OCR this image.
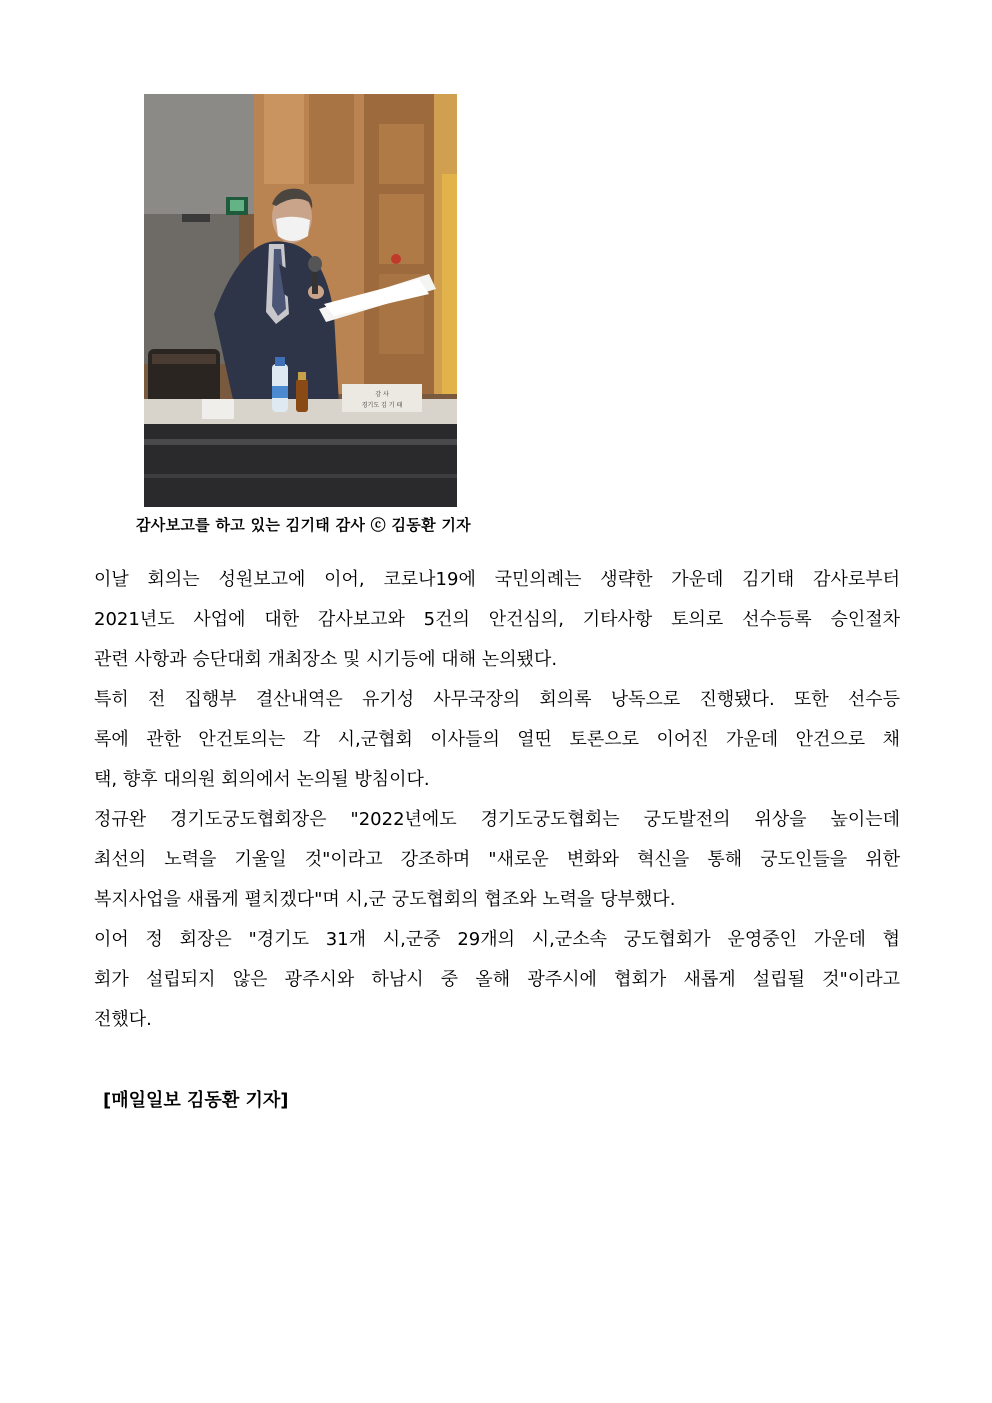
감 사
경기도 김 기 태
감사보고를 하고 있는 김기태 감사 ⓒ 김동환 기자
이날 회의는 성원보고에 이어, 코로나19에 국민의례는 생략한 가운데 김기태 감사로부터
2021년도 사업에 대한 감사보고와 5건의 안건심의, 기타사항 토의로 선수등록 승인절차
관련 사항과 승단대회 개최장소 및 시기등에 대해 논의됐다.
특히 전 집행부 결산내역은 유기성 사무국장의 회의록 낭독으로 진행됐다. 또한 선수등
록에 관한 안건토의는 각 시,군협회 이사들의 열띤 토론으로 이어진 가운데 안건으로 채
택, 향후 대의원 회의에서 논의될 방침이다.
정규완 경기도궁도협회장은 "2022년에도 경기도궁도협회는 궁도발전의 위상을 높이는데
최선의 노력을 기울일 것"이라고 강조하며 "새로운 변화와 혁신을 통해 궁도인들을 위한
복지사업을 새롭게 펼치겠다"며 시,군 궁도협회의 협조와 노력을 당부했다.
이어 정 회장은 "경기도 31개 시,군중 29개의 시,군소속 궁도협회가 운영중인 가운데 협
회가 설립되지 않은 광주시와 하남시 중 올해 광주시에 협회가 새롭게 설립될 것"이라고
전했다.
[매일일보 김동환 기자]
